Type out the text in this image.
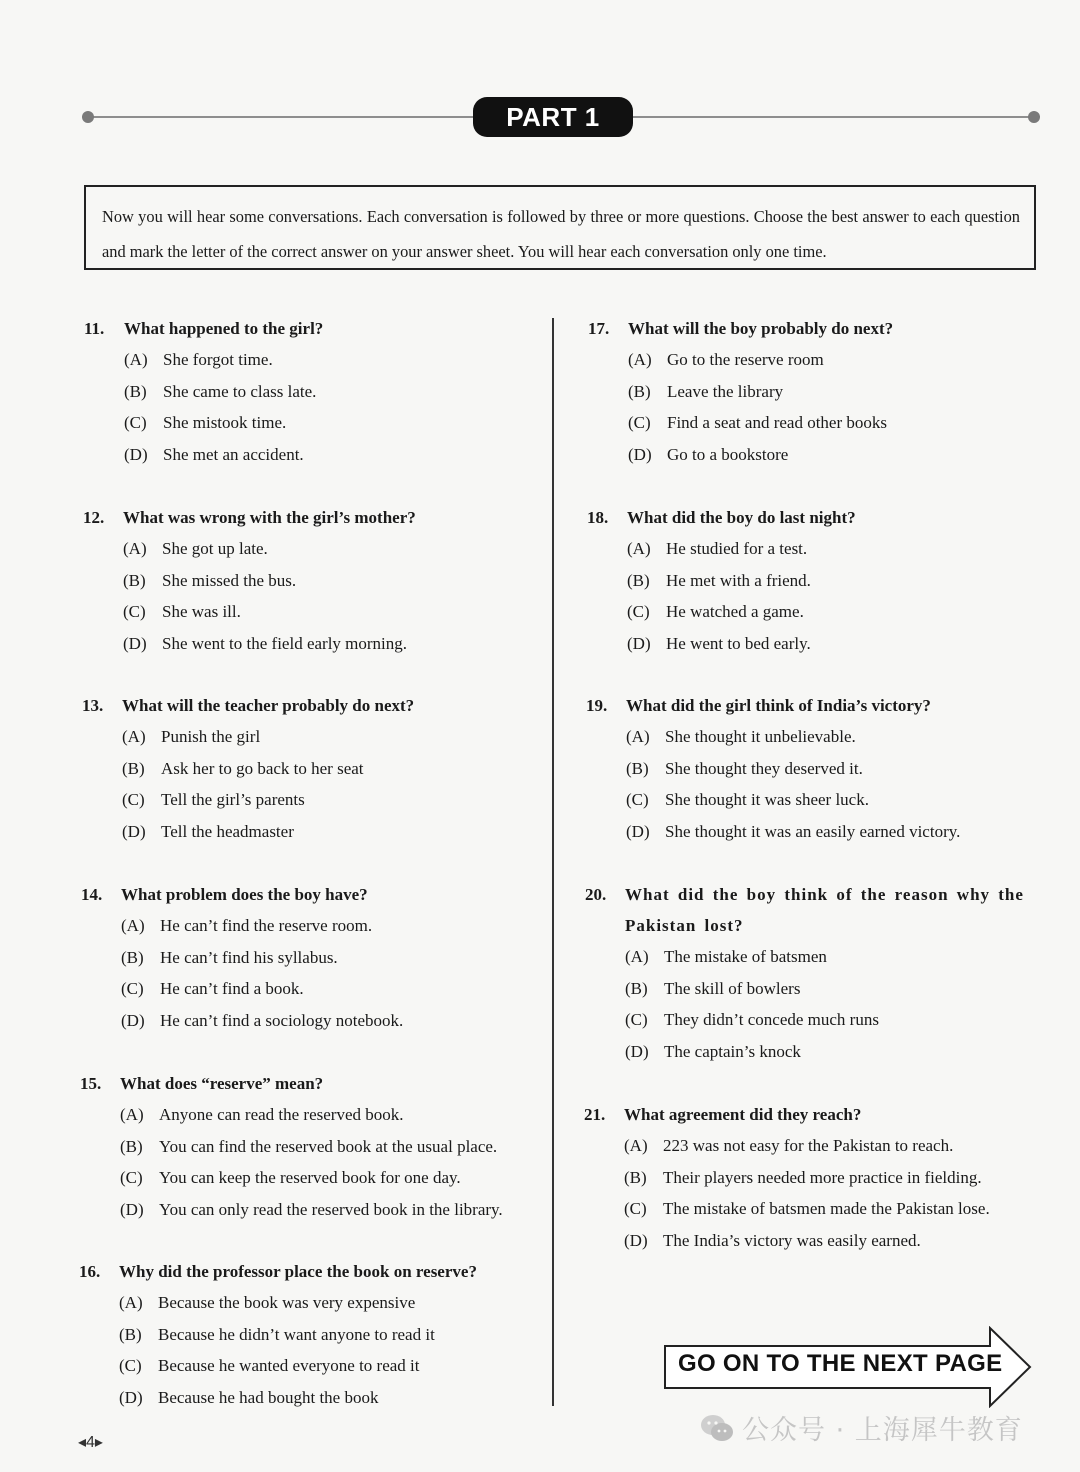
PART 1
Now you will hear some conversations. Each conversation is followed by three or more questions. Choose the best answer to each question and mark the letter of the correct answer on your answer sheet. You will hear each conversation only one time.
11.	What happened to the girl?
(A) She forgot time.
(B) She came to class late.
(C) She mistook time.
(D) She met an accident.
12.	What was wrong with the girl’s mother?
(A) She got up late.
(B) She missed the bus.
(C) She was ill.
(D) She went to the field early morning.
13.	What will the teacher probably do next?
(A) Punish the girl
(B) Ask her to go back to her seat
(C) Tell the girl’s parents
(D) Tell the headmaster
14.	What problem does the boy have?
(A) He can’t find the reserve room.
(B) He can’t find his syllabus.
(C) He can’t find a book.
(D) He can’t find a sociology notebook.
15.	What does “reserve” mean?
(A) Anyone can read the reserved book.
(B) You can find the reserved book at the usual place.
(C) You can keep the reserved book for one day.
(D) You can only read the reserved book in the library.
16.	Why did the professor place the book on reserve?
(A) Because the book was very expensive
(B) Because he didn’t want anyone to read it
(C) Because he wanted everyone to read it
(D) Because he had bought the book
17.	What will the boy probably do next?
(A) Go to the reserve room
(B) Leave the library
(C) Find a seat and read other books
(D) Go to a bookstore
18.	What did the boy do last night?
(A) He studied for a test.
(B) He met with a friend.
(C) He watched a game.
(D) He went to bed early.
19.	What did the girl think of India’s victory?
(A) She thought it unbelievable.
(B) She thought they deserved it.
(C) She thought it was sheer luck.
(D) She thought it was an easily earned victory.
20.	What did the boy think of the reason why the Pakistan lost?
(A) The mistake of batsmen
(B) The skill of bowlers
(C) They didn’t concede much runs
(D) The captain’s knock
21.	What agreement did they reach?
(A) 223 was not easy for the Pakistan to reach.
(B) Their players needed more practice in fielding.
(C) The mistake of batsmen made the Pakistan lose.
(D) The India’s victory was easily earned.
GO ON TO THE NEXT PAGE
◂4▸	公众号 · 上海犀牛教育
